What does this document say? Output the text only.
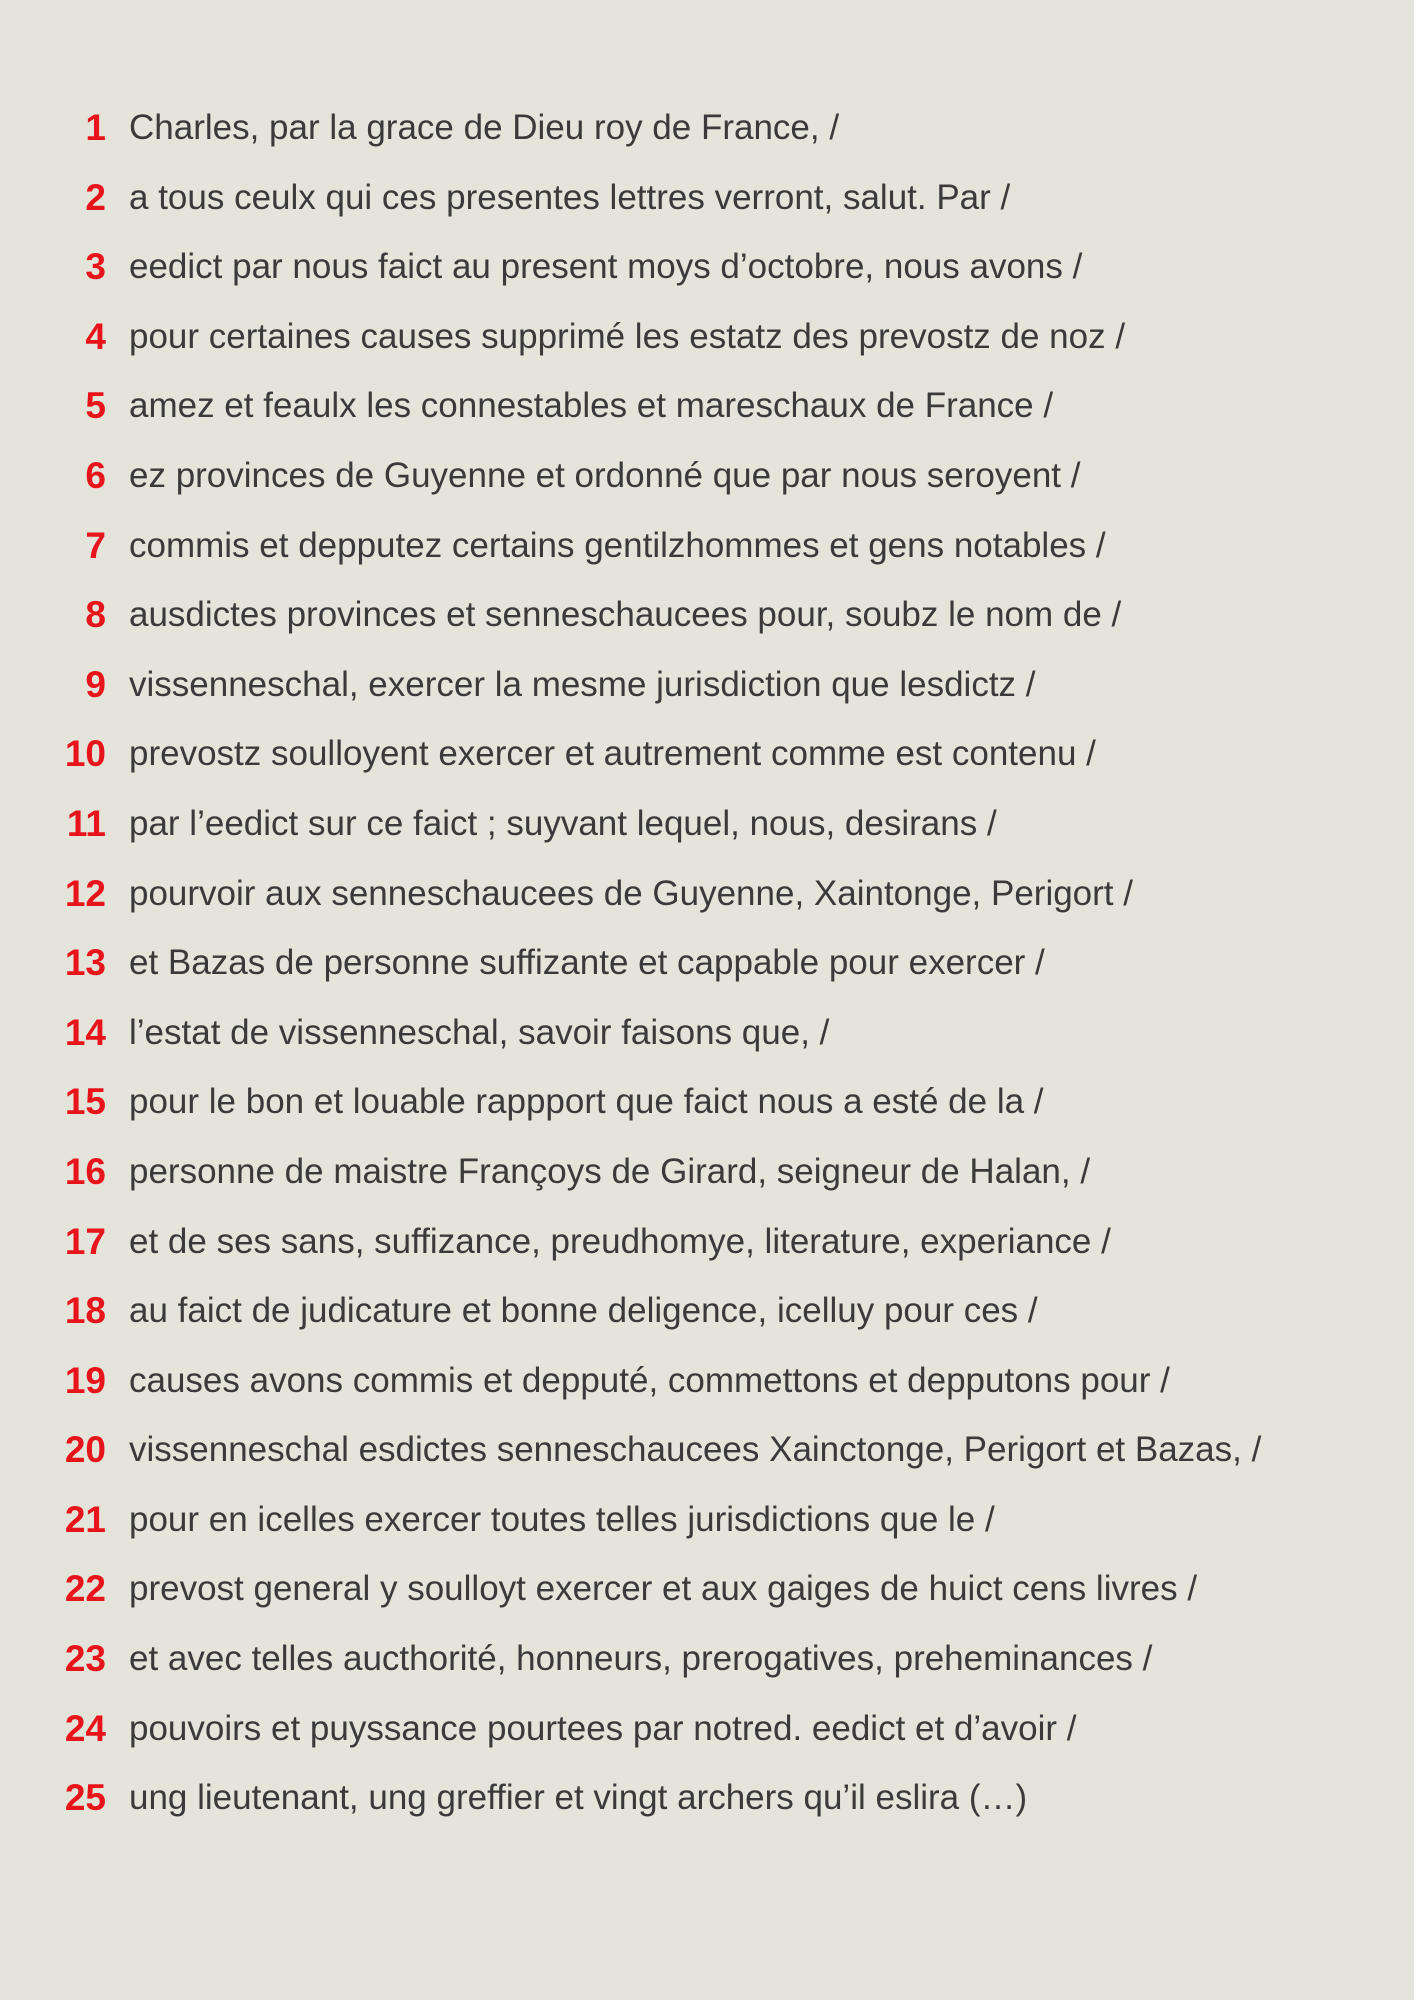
1 Charles, par la grace de Dieu roy de France, /
2 a tous ceulx qui ces presentes lettres verront, salut. Par /
3 eedict par nous faict au present moys d’octobre, nous avons /
4 pour certaines causes supprimé les estatz des prevostz de noz /
5 amez et feaulx les connestables et mareschaux de France /
6 ez provinces de Guyenne et ordonné que par nous seroyent /
7 commis et depputez certains gentilzhommes et gens notables /
8 ausdictes provinces et senneschaucees pour, soubz le nom de /
9 vissenneschal, exercer la mesme jurisdiction que lesdictz /
10 prevostz soulloyent exercer et autrement comme est contenu /
11 par l’eedict sur ce faict ; suyvant lequel, nous, desirans /
12 pourvoir aux senneschaucees de Guyenne, Xaintonge, Perigort /
13 et Bazas de personne suffizante et cappable pour exercer /
14 l’estat de vissenneschal, savoir faisons que, /
15 pour le bon et louable rappport que faict nous a esté de la /
16 personne de maistre Françoys de Girard, seigneur de Halan, /
17 et de ses sans, suffizance, preudhomye, literature, experiance /
18 au faict de judicature et bonne deligence, icelluy pour ces /
19 causes avons commis et depputé, commettons et depputons pour /
20 vissenneschal esdictes senneschaucees Xainctonge, Perigort et Bazas, /
21 pour en icelles exercer toutes telles jurisdictions que le /
22 prevost general y soulloyt exercer et aux gaiges de huict cens livres /
23 et avec telles aucthorité, honneurs, prerogatives, preheminances /
24 pouvoirs et puyssance pourtees par notred. eedict et d’avoir /
25 ung lieutenant, ung greffier et vingt archers qu’il eslira (…)
